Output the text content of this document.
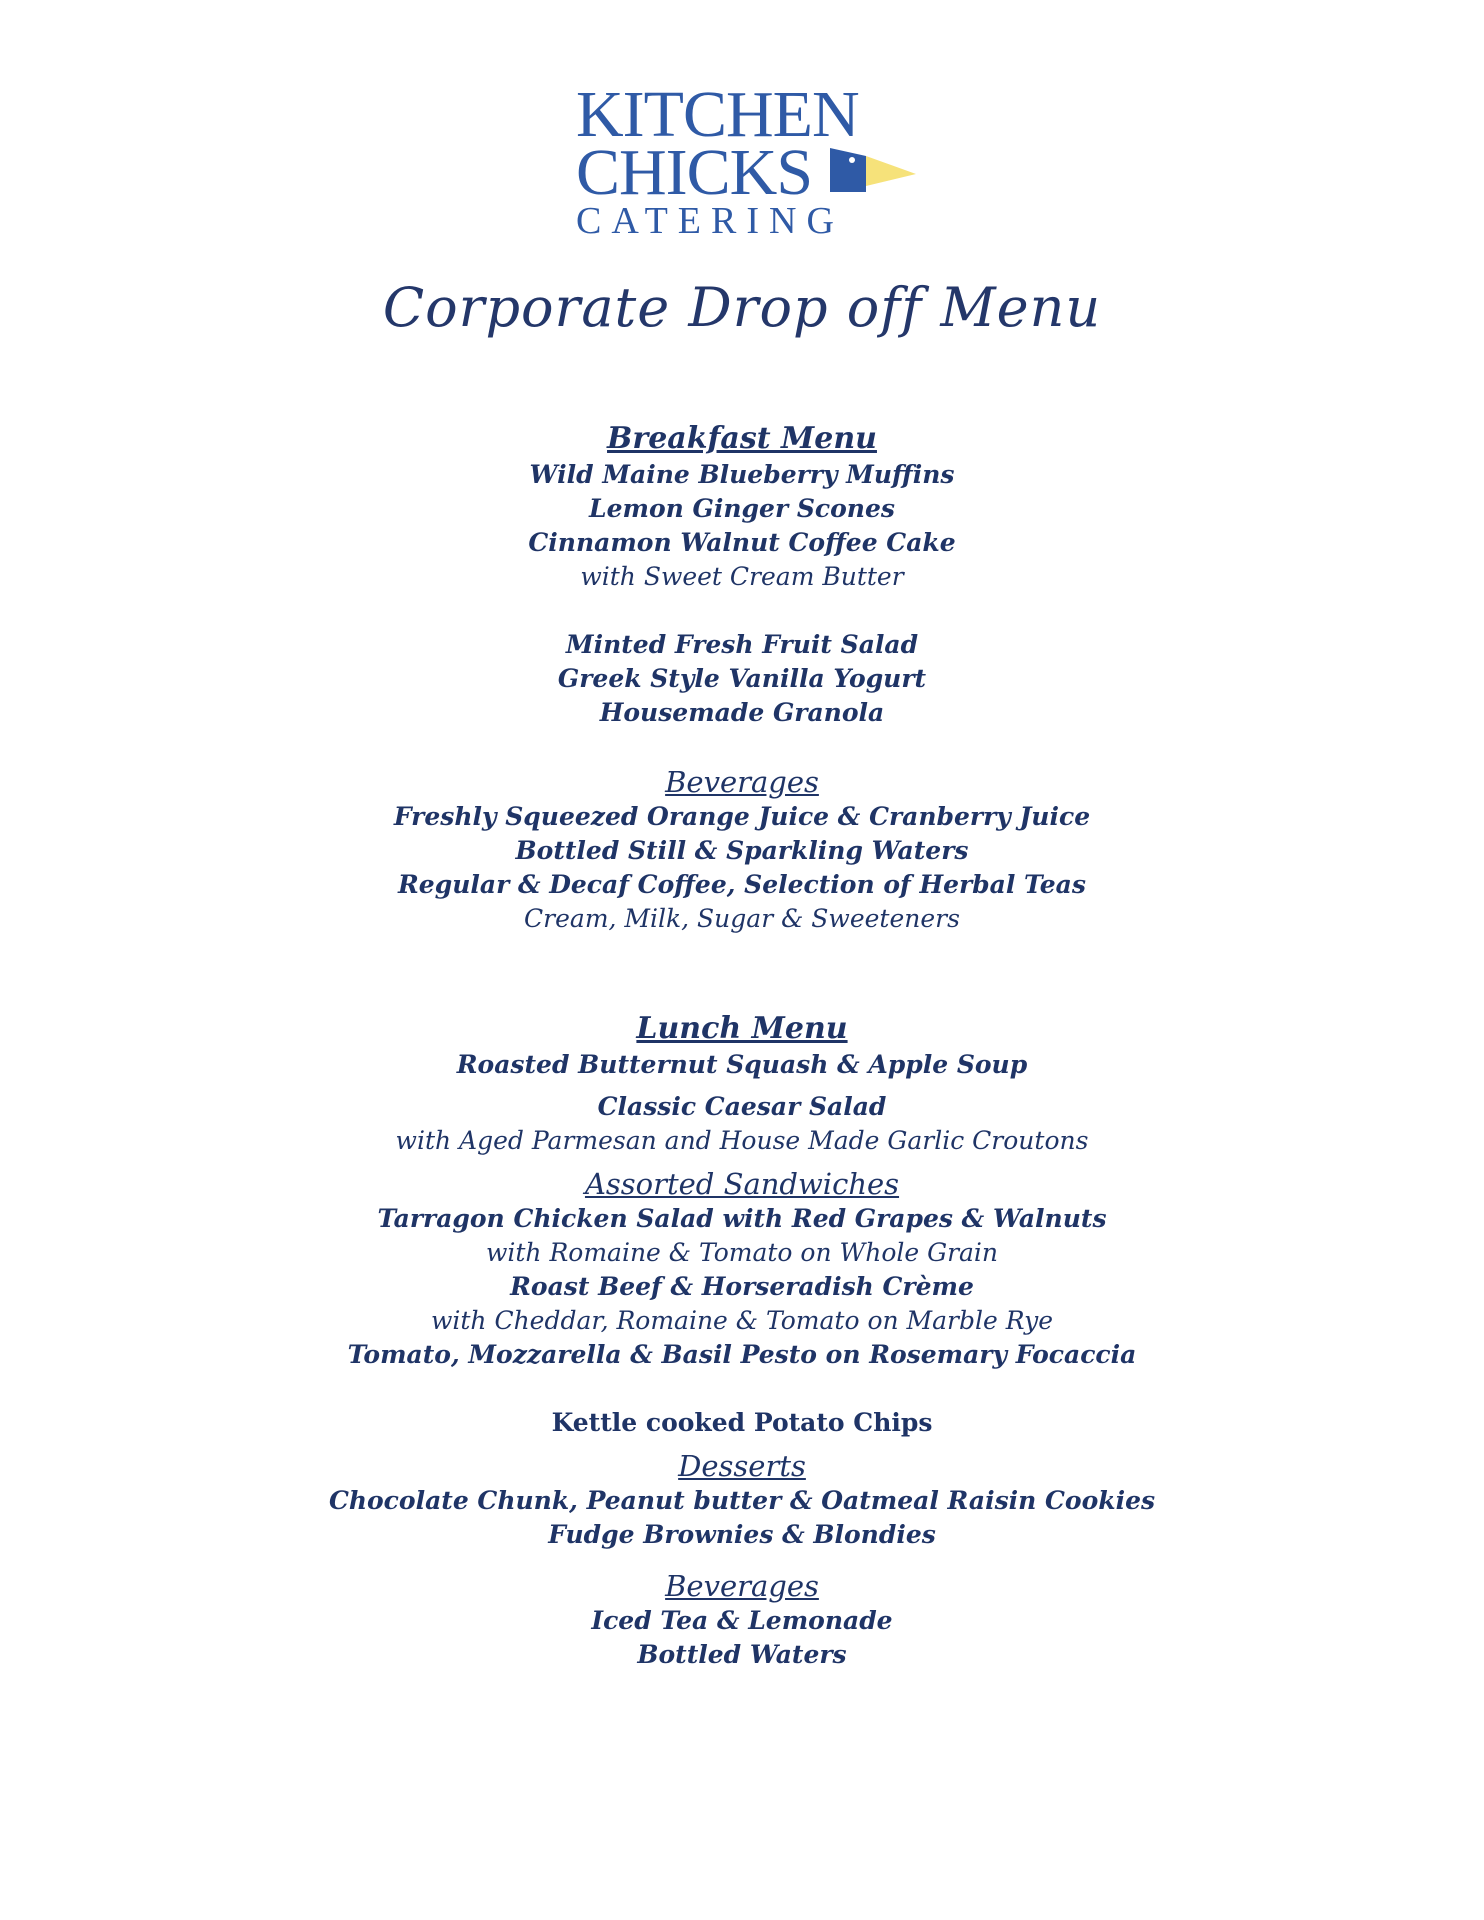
KITCHEN
CHICKS
CATERING
Corporate Drop off Menu
Breakfast Menu
Wild Maine Blueberry Muffins
Lemon Ginger Scones
Cinnamon Walnut Coffee Cake
with Sweet Cream Butter
Minted Fresh Fruit Salad
Greek Style Vanilla Yogurt
Housemade Granola
Beverages
Freshly Squeezed Orange Juice & Cranberry Juice
Bottled Still & Sparkling Waters
Regular & Decaf Coffee, Selection of Herbal Teas
Cream, Milk, Sugar & Sweeteners
Lunch Menu
Roasted Butternut Squash & Apple Soup
Classic Caesar Salad
with Aged Parmesan and House Made Garlic Croutons
Assorted Sandwiches
Tarragon Chicken Salad with Red Grapes & Walnuts
with Romaine & Tomato on Whole Grain
Roast Beef & Horseradish Crème
with Cheddar, Romaine & Tomato on Marble Rye
Tomato, Mozzarella & Basil Pesto on Rosemary Focaccia
Kettle cooked Potato Chips
Desserts
Chocolate Chunk, Peanut butter & Oatmeal Raisin Cookies
Fudge Brownies & Blondies
Beverages
Iced Tea & Lemonade
Bottled Waters
